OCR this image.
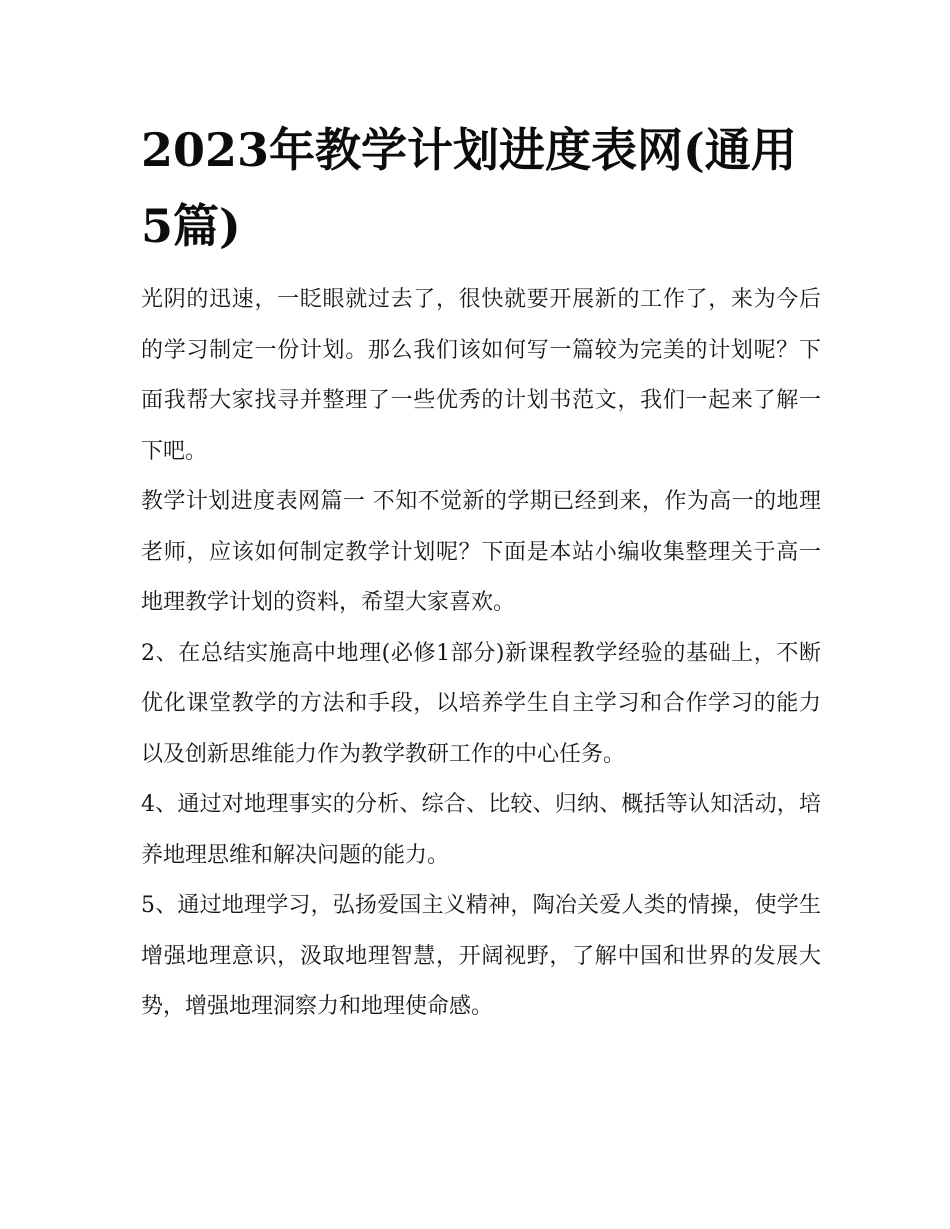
2023年教学计划进度表网(通用5篇)

光阴的迅速，一眨眼就过去了，很快就要开展新的工作了，来为今后的学习制定一份计划。那么我们该如何写一篇较为完美的计划呢？下面我帮大家找寻并整理了一些优秀的计划书范文，我们一起来了解一下吧。

教学计划进度表网篇一 不知不觉新的学期已经到来，作为高一的地理老师，应该如何制定教学计划呢？下面是本站小编收集整理关于高一地理教学计划的资料，希望大家喜欢。

2、在总结实施高中地理(必修1部分)新课程教学经验的基础上，不断优化课堂教学的方法和手段，以培养学生自主学习和合作学习的能力以及创新思维能力作为教学教研工作的中心任务。

4、通过对地理事实的分析、综合、比较、归纳、概括等认知活动，培养地理思维和解决问题的能力。

5、通过地理学习，弘扬爱国主义精神，陶冶关爱人类的情操，使学生增强地理意识，汲取地理智慧，开阔视野，了解中国和世界的发展大势，增强地理洞察力和地理使命感。
